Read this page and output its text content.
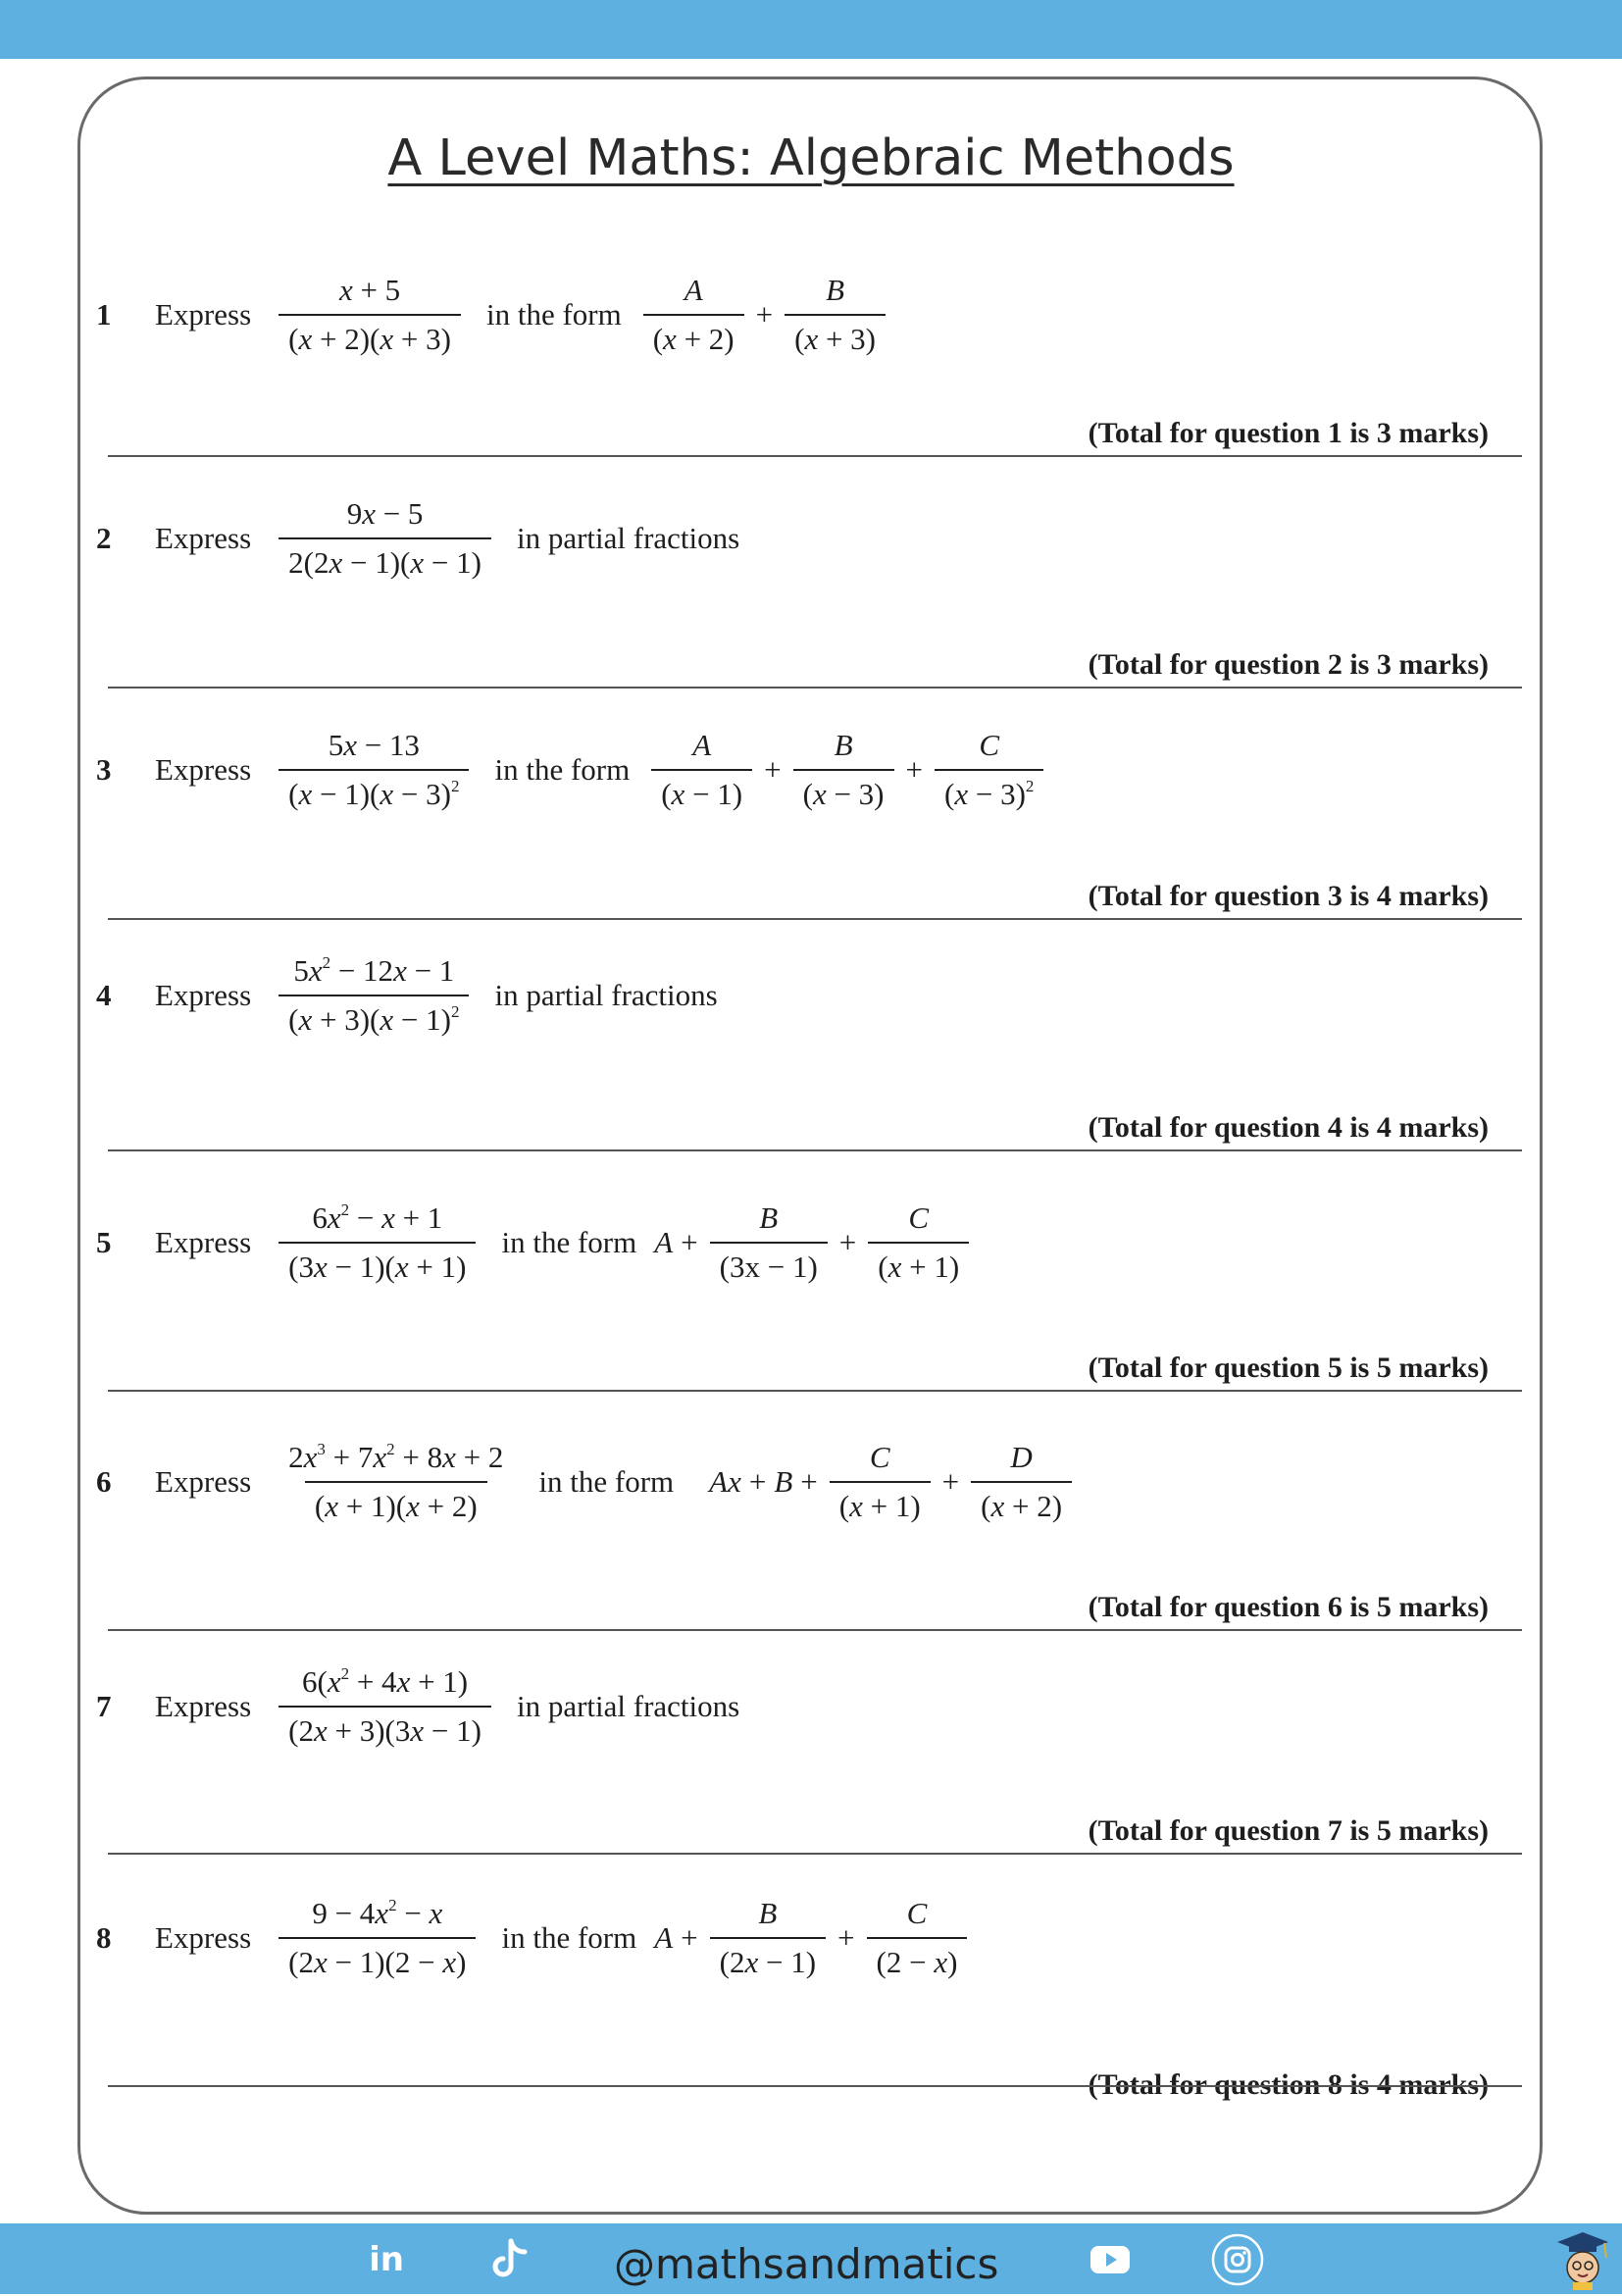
A Level Maths: Algebraic Methods
1	Express $\frac{x + 5}{(x + 2)(x + 3)}$ in the form $\frac{A}{(x + 2)} + \frac{B}{(x + 3)}$
(Total for question 1 is 3 marks)
2	Express $\frac{9x - 5}{2(2x - 1)(x - 1)}$ in partial fractions
(Total for question 2 is 3 marks)
3	Express $\frac{5x - 13}{(x - 1)(x - 3)^2}$ in the form $\frac{A}{(x - 1)} + \frac{B}{(x - 3)} + \frac{C}{(x - 3)^2}$
(Total for question 3 is 4 marks)
4	Express $\frac{5x^2 - 12x - 1}{(x + 3)(x - 1)^2}$ in partial fractions
(Total for question 4 is 4 marks)
5	Express $\frac{6x^2 - x + 1}{(3x - 1)(x + 1)}$ in the form $A + \frac{B}{(3x - 1)} + \frac{C}{(x + 1)}$
(Total for question 5 is 5 marks)
6	Express $\frac{2x^3 + 7x^2 + 8x + 2}{(x + 1)(x + 2)}$ in the form $Ax + B + \frac{C}{(x + 1)} + \frac{D}{(x + 2)}$
(Total for question 6 is 5 marks)
7	Express $\frac{6(x^2 + 4x + 1)}{(2x + 3)(3x - 1)}$ in partial fractions
(Total for question 7 is 5 marks)
8	Express $\frac{9 - 4x^2 - x}{(2x - 1)(2 - x)}$ in the form $A + \frac{B}{(2x - 1)} + \frac{C}{(2 - x)}$
(Total for question 8 is 4 marks)
in	@mathsandmatics
